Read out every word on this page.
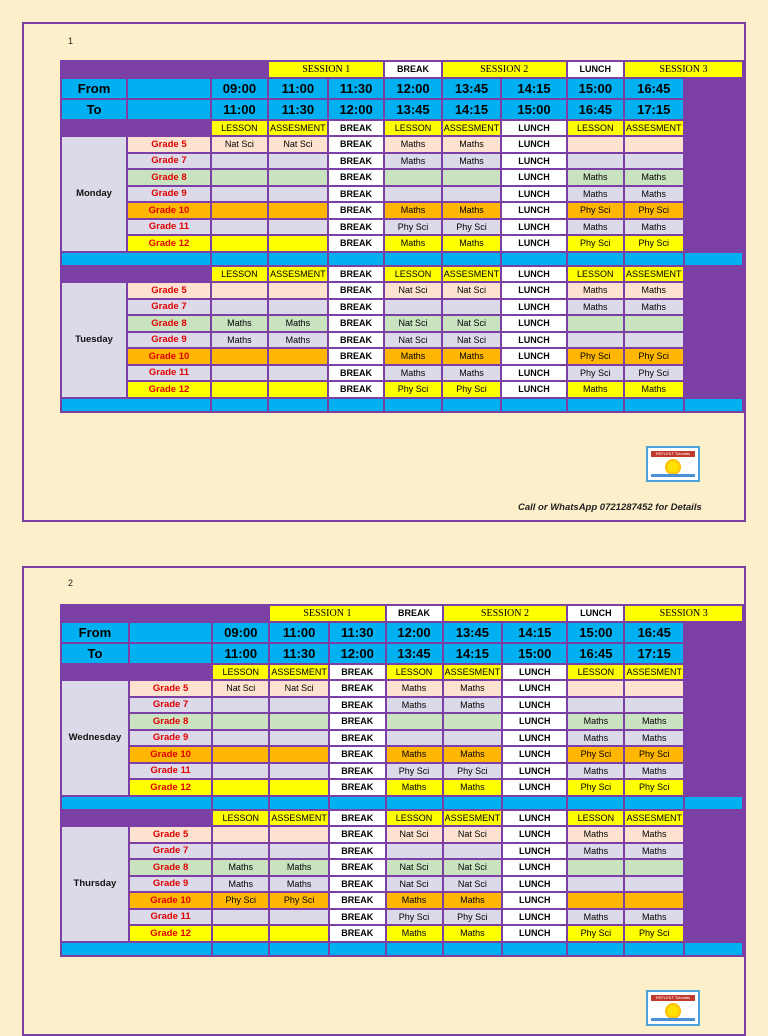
1
			SESSION 1		BREAK	SESSION 2		LUNCH	SESSION 3	
From		09:00	11:00	11:30	12:00	13:45	14:15	15:00	16:45	
To		11:00	11:30	12:00	13:45	14:15	15:00	16:45	17:15	
		LESSON	ASSESMENT	BREAK	LESSON	ASSESMENT	LUNCH	LESSON	ASSESMENT	
Monday	Grade 5	Nat Sci	Nat Sci	BREAK	Maths	Maths	LUNCH			
	Grade 7			BREAK	Maths	Maths	LUNCH			
	Grade 8			BREAK			LUNCH	Maths	Maths	
	Grade 9			BREAK			LUNCH	Maths	Maths	
	Grade 10			BREAK	Maths	Maths	LUNCH	Phy Sci	Phy Sci	
	Grade 11			BREAK	Phy Sci	Phy Sci	LUNCH	Maths	Maths	
	Grade 12			BREAK	Maths	Maths	LUNCH	Phy Sci	Phy Sci	

		LESSON	ASSESMENT	BREAK	LESSON	ASSESMENT	LUNCH	LESSON	ASSESMENT	
Tuesday	Grade 5			BREAK	Nat Sci	Nat Sci	LUNCH	Maths	Maths	
	Grade 7			BREAK			LUNCH	Maths	Maths	
	Grade 8	Maths	Maths	BREAK	Nat Sci	Nat Sci	LUNCH			
	Grade 9	Maths	Maths	BREAK	Nat Sci	Nat Sci	LUNCH			
	Grade 10			BREAK	Maths	Maths	LUNCH	Phy Sci	Phy Sci	
	Grade 11			BREAK	Maths	Maths	LUNCH	Phy Sci	Phy Sci	
	Grade 12			BREAK	Phy Sci	Phy Sci	LUNCH	Maths	Maths	

Call or WhatsApp 0721287452 for Details
REFLEKT Tutorials
2
			SESSION 1		BREAK	SESSION 2		LUNCH	SESSION 3	
From		09:00	11:00	11:30	12:00	13:45	14:15	15:00	16:45	
To		11:00	11:30	12:00	13:45	14:15	15:00	16:45	17:15	
		LESSON	ASSESMENT	BREAK	LESSON	ASSESMENT	LUNCH	LESSON	ASSESMENT	
Wednesday	Grade 5	Nat Sci	Nat Sci	BREAK	Maths	Maths	LUNCH			
	Grade 7			BREAK	Maths	Maths	LUNCH			
	Grade 8			BREAK			LUNCH	Maths	Maths	
	Grade 9			BREAK			LUNCH	Maths	Maths	
	Grade 10			BREAK	Maths	Maths	LUNCH	Phy Sci	Phy Sci	
	Grade 11			BREAK	Phy Sci	Phy Sci	LUNCH	Maths	Maths	
	Grade 12			BREAK	Maths	Maths	LUNCH	Phy Sci	Phy Sci	

		LESSON	ASSESMENT	BREAK	LESSON	ASSESMENT	LUNCH	LESSON	ASSESMENT	
Thursday	Grade 5			BREAK	Nat Sci	Nat Sci	LUNCH	Maths	Maths	
	Grade 7			BREAK			LUNCH	Maths	Maths	
	Grade 8	Maths	Maths	BREAK	Nat Sci	Nat Sci	LUNCH			
	Grade 9	Maths	Maths	BREAK	Nat Sci	Nat Sci	LUNCH			
	Grade 10	Phy Sci	Phy Sci	BREAK	Maths	Maths	LUNCH			
	Grade 11			BREAK	Phy Sci	Phy Sci	LUNCH	Maths	Maths	
	Grade 12			BREAK	Maths	Maths	LUNCH	Phy Sci	Phy Sci	

REFLEKT Tutorials
